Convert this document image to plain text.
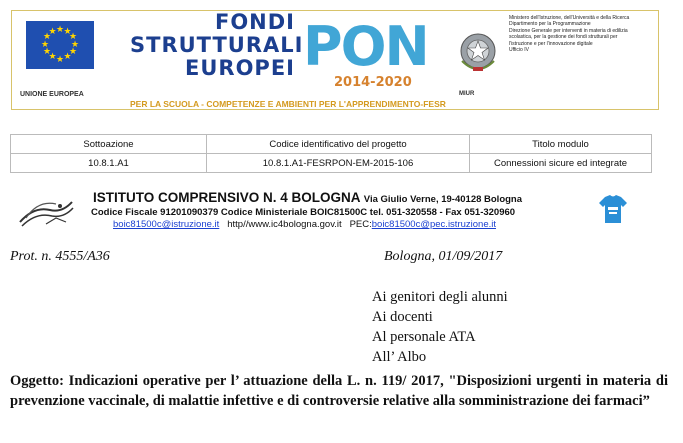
★
★
★
★
★
★
★
★
★ ★ ★
★
UNIONE EUROPEA
FONDI
STRUTTURALI
EUROPEI PON
2014-2020
MIUR
Ministero dell'Istruzione, dell'Università e della Ricerca
Dipartimento per la Programmazione
Direzione Generale per interventi in materia di edilizia
scolastica, per la gestione dei fondi strutturali per
l'istruzione e per l'innovazione digitale
Ufficio IV
PER LA SCUOLA - COMPETENZE E AMBIENTI PER L'APPRENDIMENTO-FESR
Sottoazione	Codice identificativo del progetto	Titolo modulo
10.8.1.A1	10.8.1.A1-FESRPON-EM-2015-106	Connessioni sicure ed integrate
ISTITUTO COMPRENSIVO N. 4 BOLOGNA Via Giulio Verne, 19-40128 Bologna
Codice Fiscale 91201090379 Codice Ministeriale BOIC81500C tel. 051-320558 - Fax 051-320960
boic81500c@istruzione.it http//www.ic4bologna.gov.it PEC:boic81500c@pec.istruzione.it
Prot. n. 4555/A36	Bologna, 01/09/2017
Ai genitori degli alunni
Ai docenti
Al personale ATA
All’ Albo
Oggetto: Indicazioni operative per l’ attuazione della L. n. 119/ 2017, "Disposizioni urgenti in materia di prevenzione vaccinale, di malattie infettive e di controversie relative alla somministrazione dei farmaci”
